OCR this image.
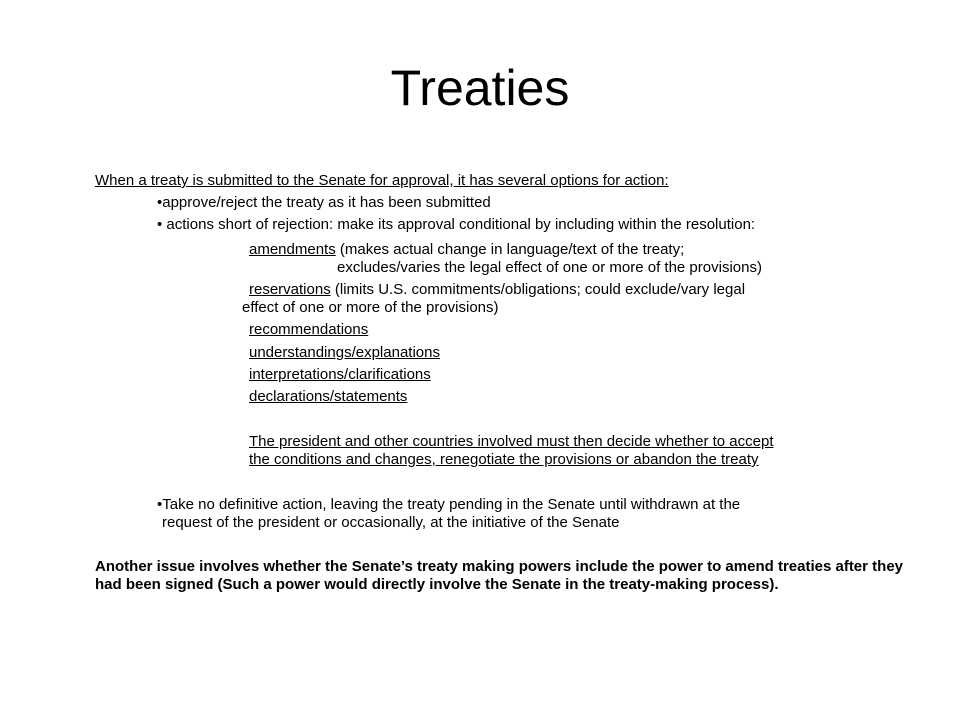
Treaties
When a treaty is submitted to the Senate for approval, it has several options for action:
•approve/reject the treaty as it has been submitted
• actions short of rejection: make its approval conditional by including within the resolution:
amendments (makes actual change in language/text of the treaty;
excludes/varies the legal effect of one or more of the provisions)
reservations (limits U.S. commitments/obligations; could exclude/vary legal
effect of one or more of the provisions)
recommendations
understandings/explanations
interpretations/clarifications
declarations/statements
The president and other countries involved must then decide whether to accept
the conditions and changes, renegotiate the provisions or abandon the treaty
•Take no definitive action, leaving the treaty pending in the Senate until withdrawn at the
request of the president or occasionally, at the initiative of the Senate
Another issue involves whether the Senate’s treaty making powers include the power to amend treaties after they had been signed (Such a power would directly involve the Senate in the treaty-making process).
